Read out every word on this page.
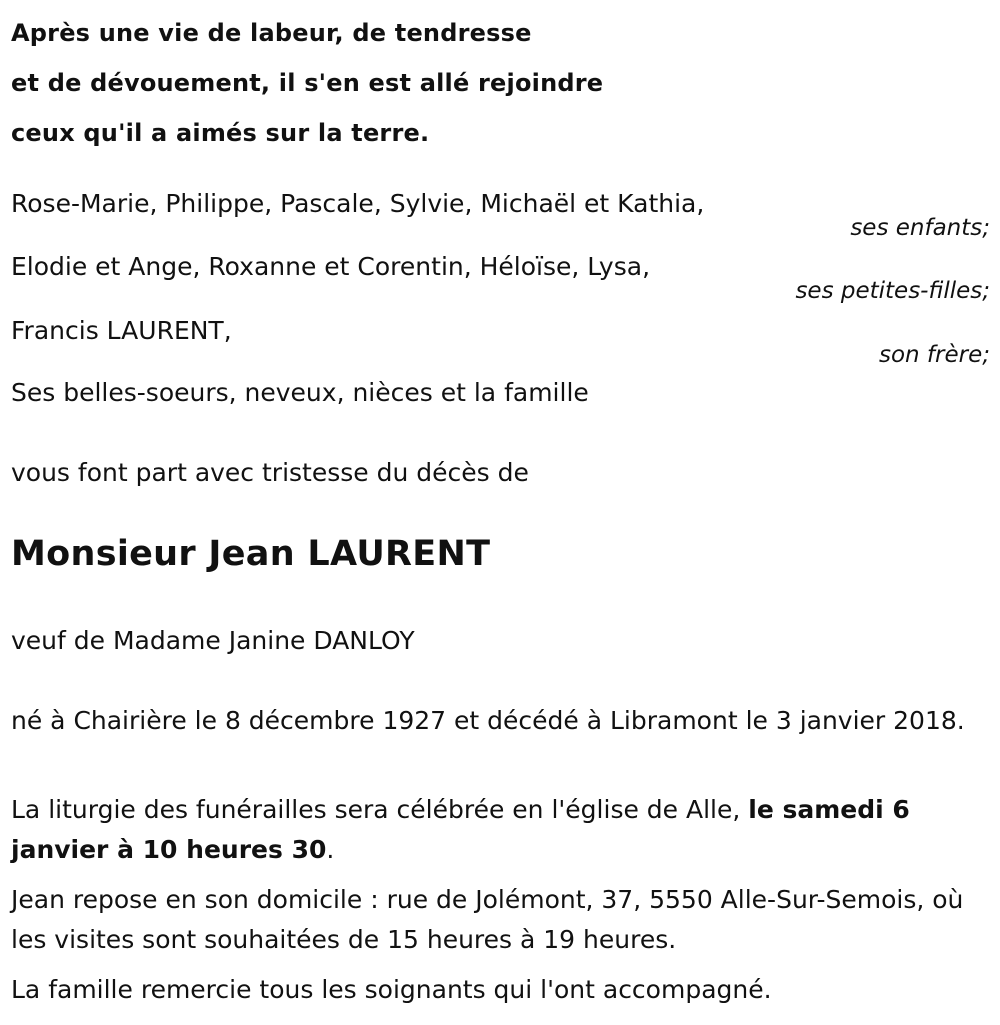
Après une vie de labeur, de tendresse
et de dévouement, il s'en est allé rejoindre
ceux qu'il a aimés sur la terre.
Rose-Marie, Philippe, Pascale, Sylvie, Michaël et Kathia,
ses enfants;
Elodie et Ange, Roxanne et Corentin, Héloïse, Lysa,
ses petites-filles;
Francis LAURENT,
son frère;
Ses belles-soeurs, neveux, nièces et la famille
vous font part avec tristesse du décès de
Monsieur Jean LAURENT
veuf de Madame Janine DANLOY
né à Chairière le 8 décembre 1927 et décédé à Libramont le 3 janvier 2018.
La liturgie des funérailles sera célébrée en l'église de Alle, le samedi 6 janvier à 10 heures 30.
Jean repose en son domicile : rue de Jolémont, 37, 5550 Alle-Sur-Semois, où les visites sont souhaitées de 15 heures à 19 heures.
La famille remercie tous les soignants qui l'ont accompagné.
